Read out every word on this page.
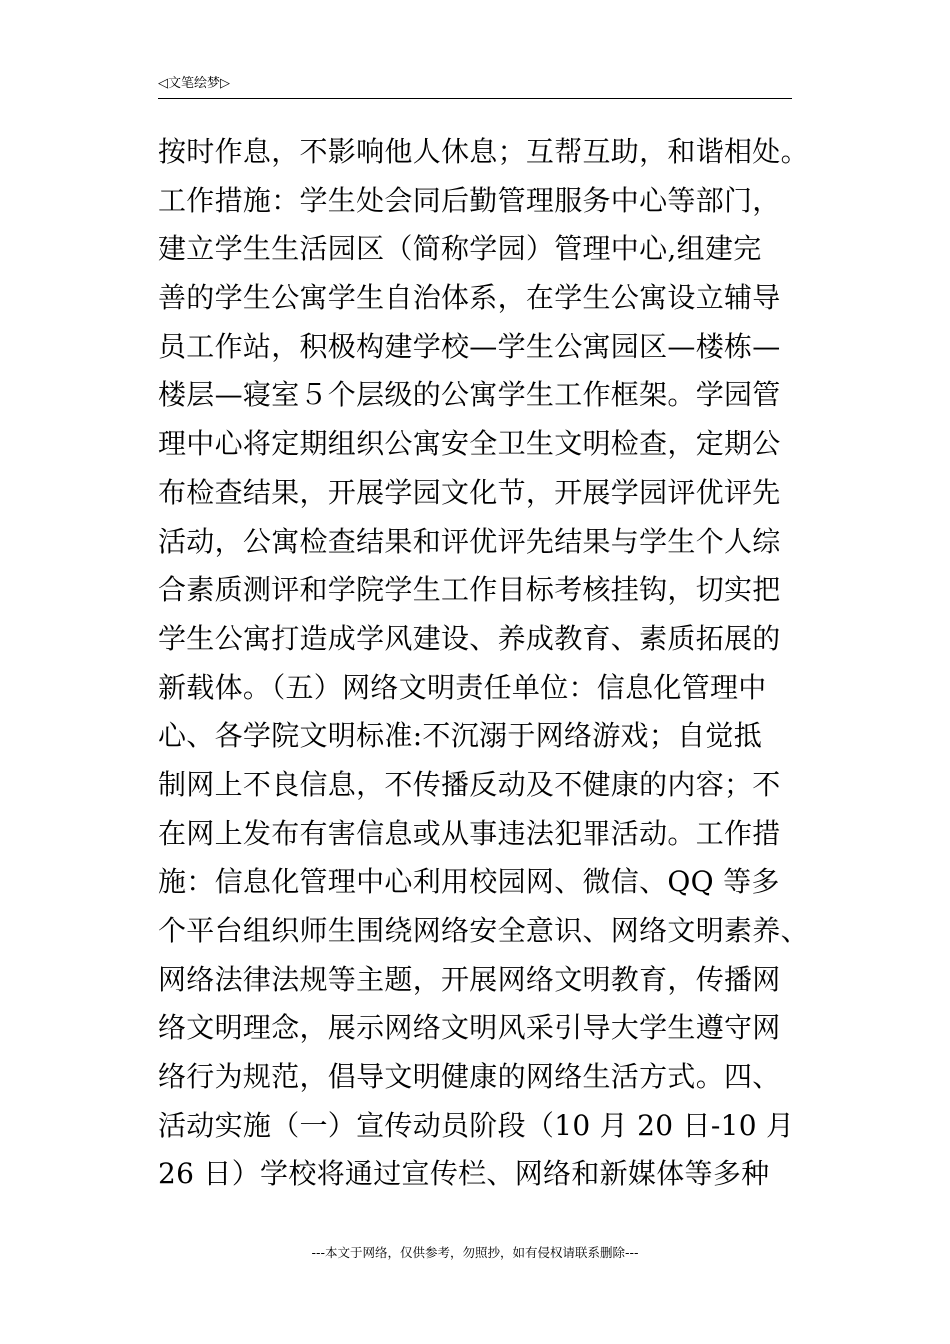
◁文笔绘梦▷
按时作息，不影响他人休息；互帮互助，和谐相处。
工作措施：学生处会同后勤管理服务中心等部门，
建立学生生活园区（简称学园）管理中心,组建完
善的学生公寓学生自治体系，在学生公寓设立辅导
员工作站，积极构建学校—学生公寓园区—楼栋—
楼层—寝室５个层级的公寓学生工作框架。学园管
理中心将定期组织公寓安全卫生文明检查，定期公
布检查结果，开展学园文化节，开展学园评优评先
活动，公寓检查结果和评优评先结果与学生个人综
合素质测评和学院学生工作目标考核挂钩，切实把
学生公寓打造成学风建设、养成教育、素质拓展的
新载体。（五）网络文明责任单位：信息化管理中
心、各学院文明标准:不沉溺于网络游戏；自觉抵
制网上不良信息，不传播反动及不健康的内容；不
在网上发布有害信息或从事违法犯罪活动。工作措
施：信息化管理中心利用校园网、微信、QQ 等多
个平台组织师生围绕网络安全意识、网络文明素养、
网络法律法规等主题，开展网络文明教育，传播网
络文明理念，展示网络文明风采引导大学生遵守网
络行为规范，倡导文明健康的网络生活方式。四、
活动实施（一）宣传动员阶段（10 月 20 日-10 月
26 日）学校将通过宣传栏、网络和新媒体等多种
---本文于网络，仅供参考，勿照抄，如有侵权请联系删除---
